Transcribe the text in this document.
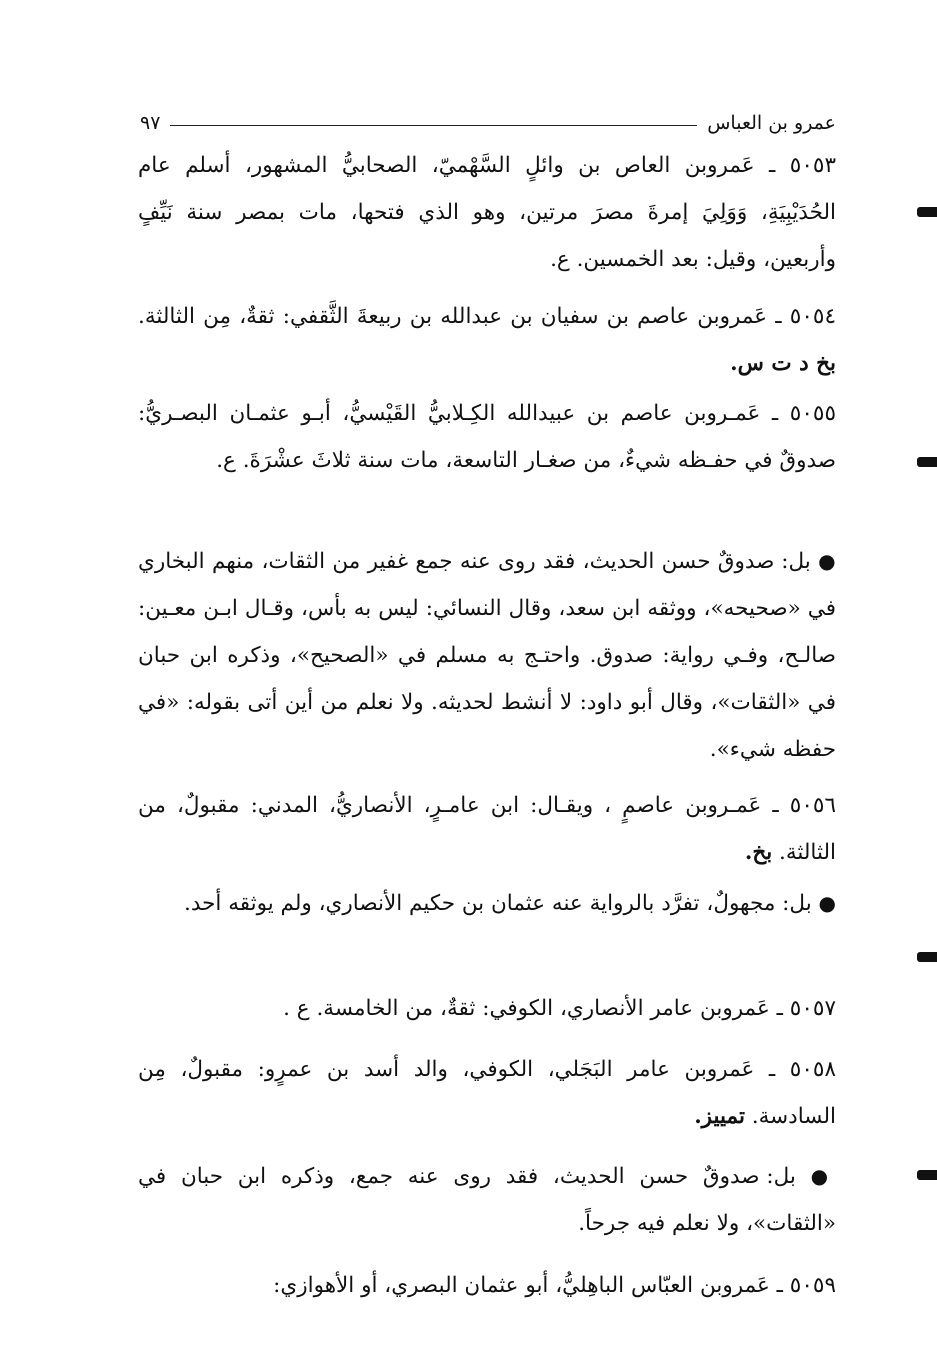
عمرو بن العباس
٩٧
٥٠٥٣ ـ عَمروبن العاص بن وائلٍ السَّهْميّ، الصحابيُّ المشهور، أسلم عام الحُدَيْبِيَةِ، وَوَلِيَ إمرةَ مصرَ مرتين، وهو الذي فتحها، مات بمصر سنة نَيِّفٍ وأربعين، وقيل: بعد الخمسين. ع.
٥٠٥٤ ـ عَمروبن عاصم بن سفيان بن عبدالله بن ربيعةَ الثَّقفي: ثقةٌ، مِن الثالثة. بخ د ت س.
٥٠٥٥ ـ عَمـروبن عاصم بن عبيدالله الكِـلابيُّ القَيْسيُّ، أبـو عثمـان البصـريُّ: صدوقٌ في حفـظه شيءٌ، من صغـار التاسعة، مات سنة ثلاثَ عشْرَةَ. ع.
● بل: صدوقٌ حسن الحديث، فقد روى عنه جمع غفير من الثقات، منهم البخاري في «صحيحه»، ووثقه ابن سعد، وقال النسائي: ليس به بأس، وقـال ابـن معـين: صالـح، وفـي رواية: صدوق. واحتـج به مسلم في «الصحيح»، وذكره ابن حبان في «الثقات»، وقال أبو داود: لا أنشط لحديثه. ولا نعلم من أين أتى بقوله: «في حفظه شيء».
٥٠٥٦ ـ عَمـروبن عاصمٍ ، ويقـال: ابن عامـرٍ، الأنصاريُّ، المدني: مقبولٌ، من الثالثة. بخ.
● بل: مجهولٌ، تفرَّد بالرواية عنه عثمان بن حكيم الأنصاري، ولم يوثقه أحد.
٥٠٥٧ ـ عَمروبن عامر الأنصاري، الكوفي: ثقةٌ، من الخامسة. ع .
٥٠٥٨ ـ عَمروبن عامر البَجَلي، الكوفي، والد أسد بن عمرٍو: مقبولٌ، مِن السادسة. تمييز.
● بل: صدوقٌ حسن الحديث، فقد روى عنه جمع، وذكره ابن حبان في «الثقات»، ولا نعلم فيه جرحاً.
٥٠٥٩ ـ عَمروبن العبّاس الباهِليُّ، أبو عثمان البصري، أو الأهوازي:
